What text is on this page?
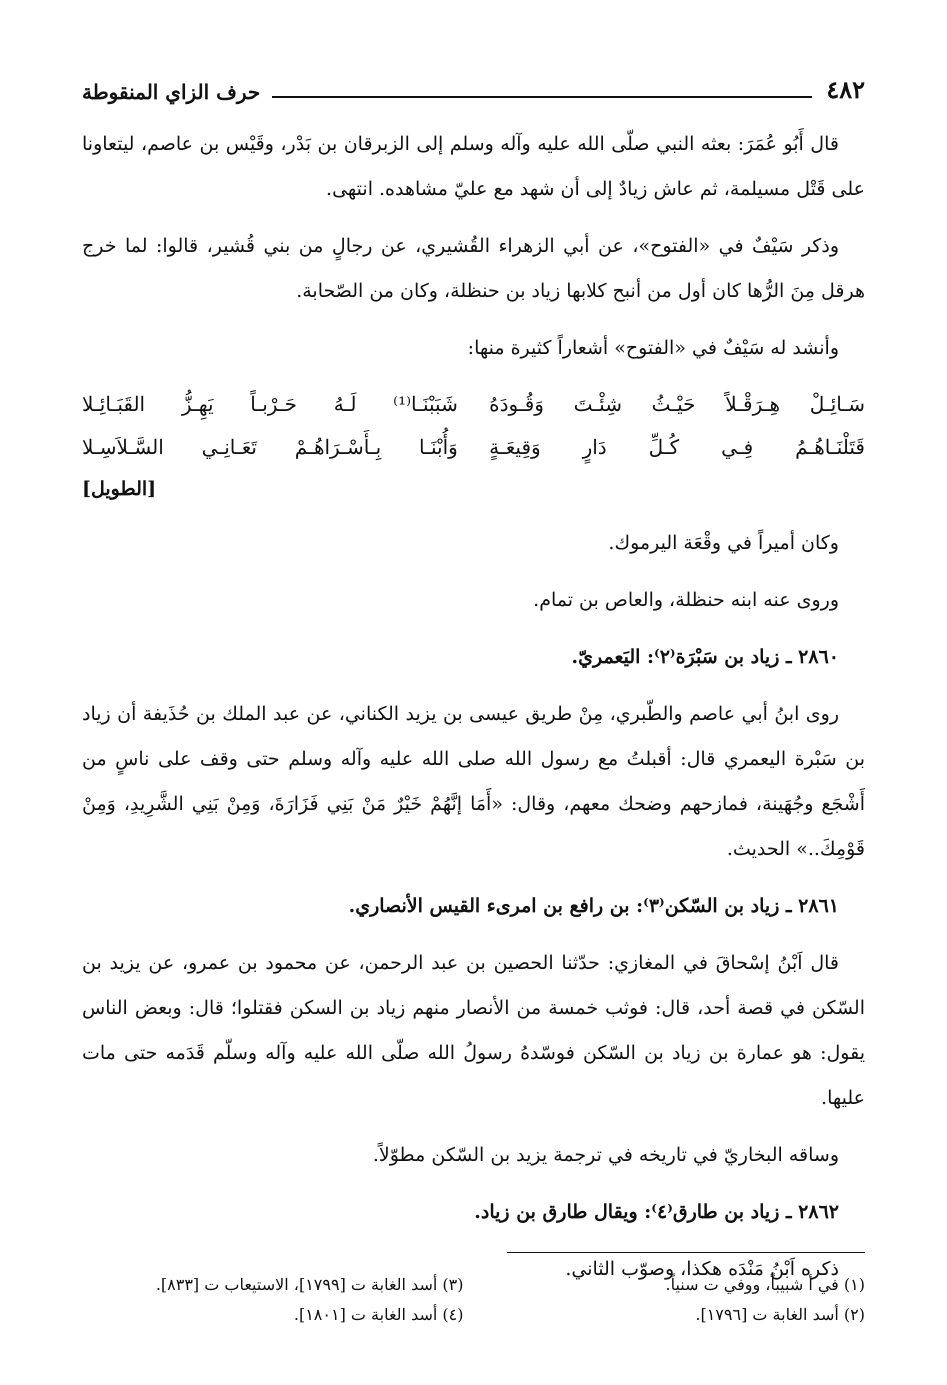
٤٨٢
حرف الزاي المنقوطة

قال أَبُو عُمَرَ: بعثه النبي صلّى الله عليه وآله وسلم إلى الزبرقان بن بَدْر، وقَيْس بن عاصم، ليتعاونا على قَتْل مسيلمة، ثم عاش زيادٌ إلى أن شهد مع عليّ مشاهده. انتهى.

وذكر سَيْفٌ في «الفتوح»، عن أبي الزهراء القُشيري، عن رجالٍ من بني قُشير، قالوا: لما خرج هرقل مِنَ الرُّها كان أول من أنبح كلابها زياد بن حنظلة، وكان من الصّحابة.

وأنشد له سَيْفٌ في «الفتوح» أشعاراً كثيرة منها:

سَـائِـلْ هِـرَقْـلاً حَيْـثُ شِئْـتَ وَقُـودَهُ
شَبَبْنَـا⁽¹⁾ لَـهُ حَـرْبـاً يَهِـزُّ القَبَـائِـلا
قَتَلْنَـاهُـمُ فِـي كُـلِّ دَارٍ وَقِيعَـةٍ
وَأُبْنَـا بِـأَسْـرَاهُـمْ تَعَـانِـي السَّـلاَسِـلا
[الطويل]

وكان أميراً في وقْعَة اليرموك.

وروى عنه ابنه حنظلة، والعاص بن تمام.

٢٨٦٠ ـ زياد بن سَبْرَة⁽٢⁾: اليَعمريّ.

روى ابنُ أبي عاصم والطّبري، مِنْ طريق عيسى بن يزيد الكناني، عن عبد الملك بن حُذَيفة أن زياد بن سَبْرة اليعمري قال: أقبلتُ مع رسول الله صلى الله عليه وآله وسلم حتى وقف على ناسٍ من أَشْجَع وجُهَينة، فمازحهم وضحك معهم، وقال: «أَمَا إنَّهُمْ خَيْرٌ مَنْ بَنِي فَزَارَةَ، وَمِنْ بَنِي الشَّرِيدِ، وَمِنْ قَوْمِكَ..» الحديث.

٢٨٦١ ـ زياد بن السّكن⁽٣⁾: بن رافع بن امرىء القيس الأنصاري.

قال اَبْنُ إسْحاقَ في المغازي: حدّثنا الحصين بن عبد الرحمن، عن محمود بن عمرو، عن يزيد بن السّكن في قصة أحد، قال: فوثب خمسة من الأنصار منهم زياد بن السكن فقتلوا؛ قال: وبعض الناس يقول: هو عمارة بن زياد بن السّكن فوسّدهُ رسولُ الله صلّى الله عليه وآله وسلّم قَدَمه حتى مات عليها.

وساقه البخاريّ في تاريخه في ترجمة يزيد بن السّكن مطوّلاً.

٢٨٦٢ ـ زياد بن طارق⁽٤⁾: ويقال طارق بن زياد.

ذكره اَبْنُ مَنْدَه هكذا، وصوّب الثاني.

(١) في أ شبيباً، ووفي ت سنياً.
(٣) أسد الغابة ت [١٧٩٩]، الاستيعاب ت [٨٣٣].
(٢) أسد الغابة ت [١٧٩٦].
(٤) أسد الغابة ت [١٨٠١].
